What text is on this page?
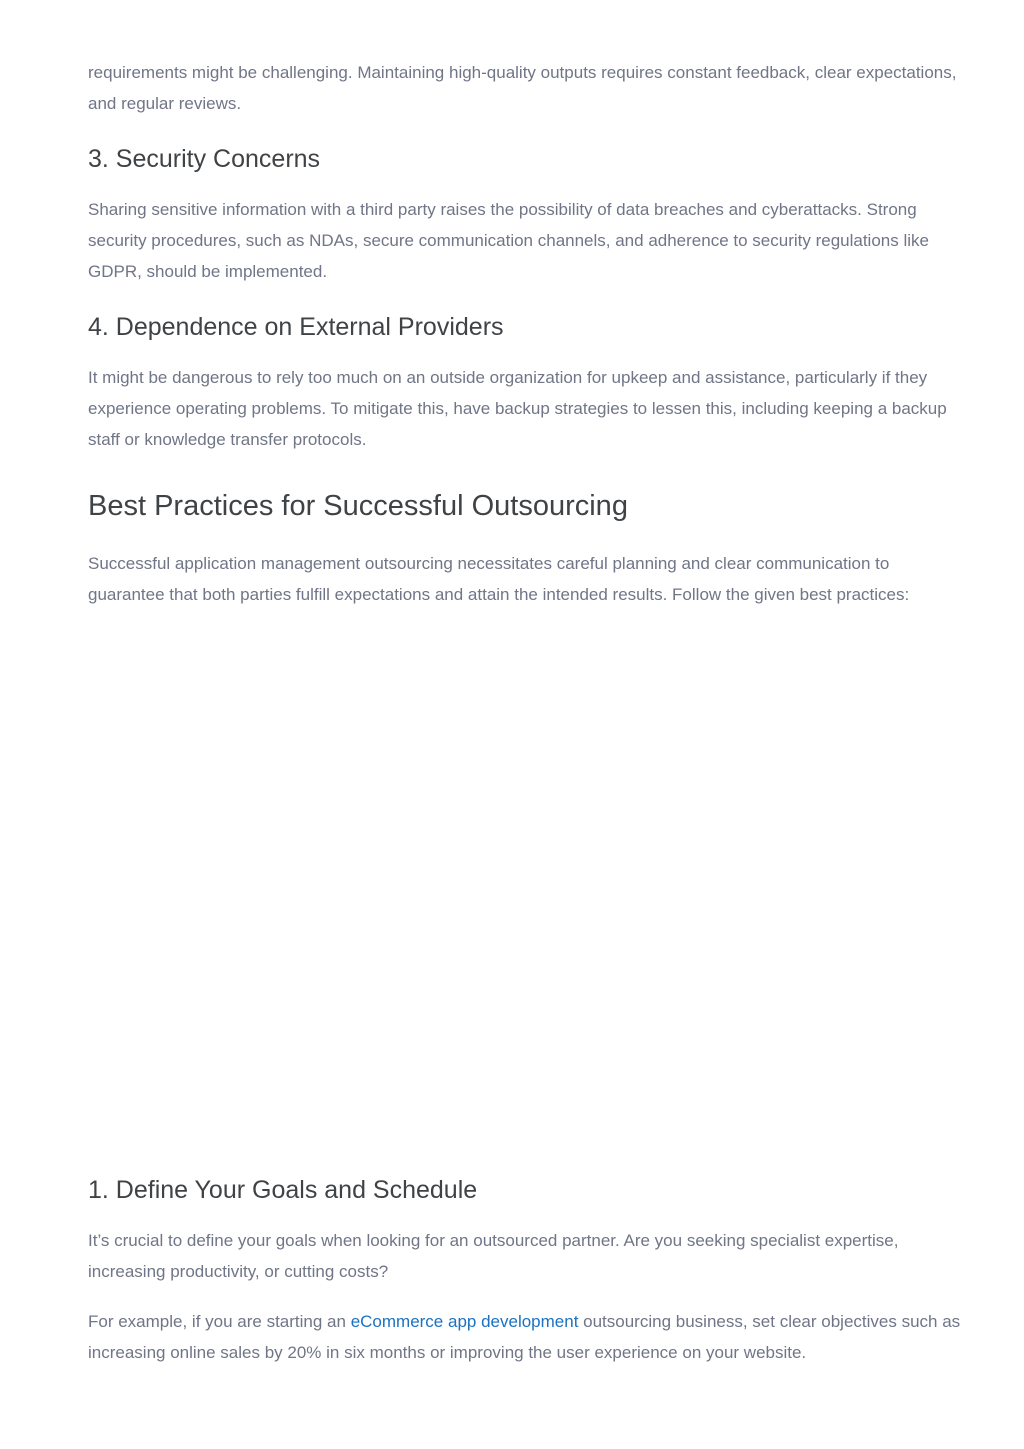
requirements might be challenging. Maintaining high-quality outputs requires constant feedback, clear expectations, and regular reviews.

3. Security Concerns

Sharing sensitive information with a third party raises the possibility of data breaches and cyberattacks. Strong security procedures, such as NDAs, secure communication channels, and adherence to security regulations like GDPR, should be implemented.

4. Dependence on External Providers

It might be dangerous to rely too much on an outside organization for upkeep and assistance, particularly if they experience operating problems. To mitigate this, have backup strategies to lessen this, including keeping a backup staff or knowledge transfer protocols.

Best Practices for Successful Outsourcing

Successful application management outsourcing necessitates careful planning and clear communication to guarantee that both parties fulfill expectations and attain the intended results. Follow the given best practices:

1. Define Your Goals and Schedule

It’s crucial to define your goals when looking for an outsourced partner. Are you seeking specialist expertise, increasing productivity, or cutting costs?

For example, if you are starting an eCommerce app development outsourcing business, set clear objectives such as increasing online sales by 20% in six months or improving the user experience on your website.
